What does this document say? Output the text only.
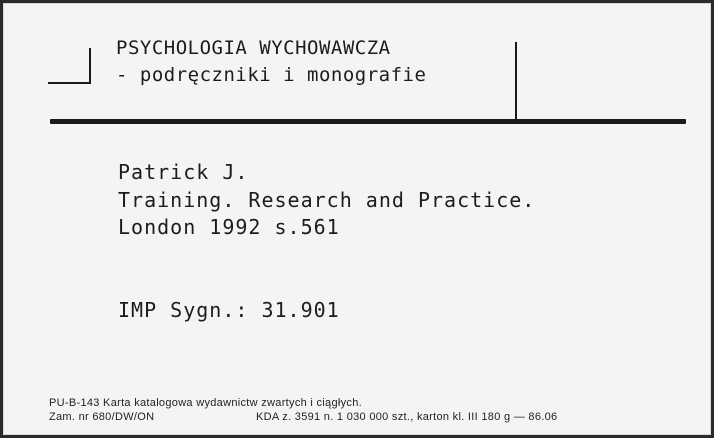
PSYCHOLOGIA WYCHOWAWCZA
- podręczniki i monografie
Patrick J.
Training. Research and Practice.
London 1992 s.561
IMP Sygn.: 31.901
PU-B-143 Karta katalogowa wydawnictw zwartych i ciągłych.
Zam. nr 680/DW/ON	KDA z. 3591 n. 1 030 000 szt., karton kl. III 180 g — 86.06
